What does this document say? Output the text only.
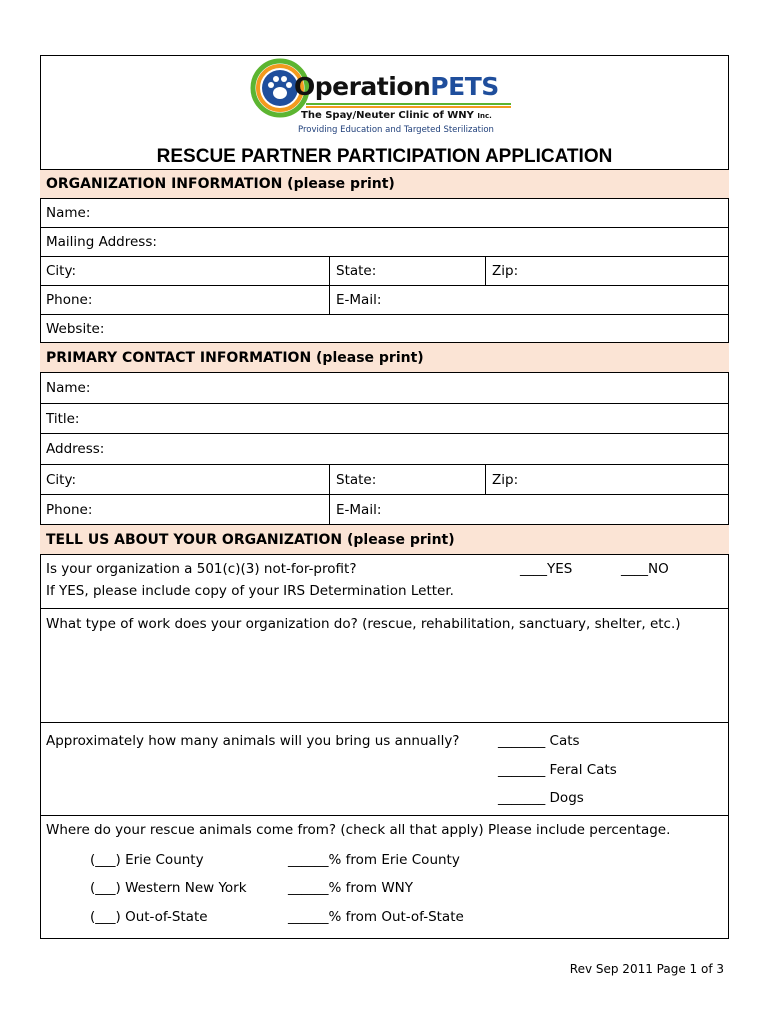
OperationPETS
The Spay/Neuter Clinic of WNY Inc.
Providing Education and Targeted Sterilization
RESCUE PARTNER PARTICIPATION APPLICATION
ORGANIZATION INFORMATION (please print)
Name:
Mailing Address:
City:	State:	Zip:
Phone:	E-Mail:
Website:
PRIMARY CONTACT INFORMATION (please print)
Name:
Title:
Address:
City:	State:	Zip:
Phone:	E-Mail:
TELL US ABOUT YOUR ORGANIZATION (please print)
Is your organization a 501(c)(3) not-for-profit?
If YES, please include copy of your IRS Determination Letter.
____YES	____NO
What type of work does your organization do? (rescue, rehabilitation, sanctuary, shelter, etc.)
Approximately how many animals will you bring us annually?	_______ Cats
_______ Feral Cats
_______ Dogs
Where do your rescue animals come from? (check all that apply) Please include percentage.
(___) Erie County	______% from Erie County
(___) Western New York	______% from WNY
(___) Out-of-State	______% from Out-of-State
Rev Sep 2011 Page 1 of 3
